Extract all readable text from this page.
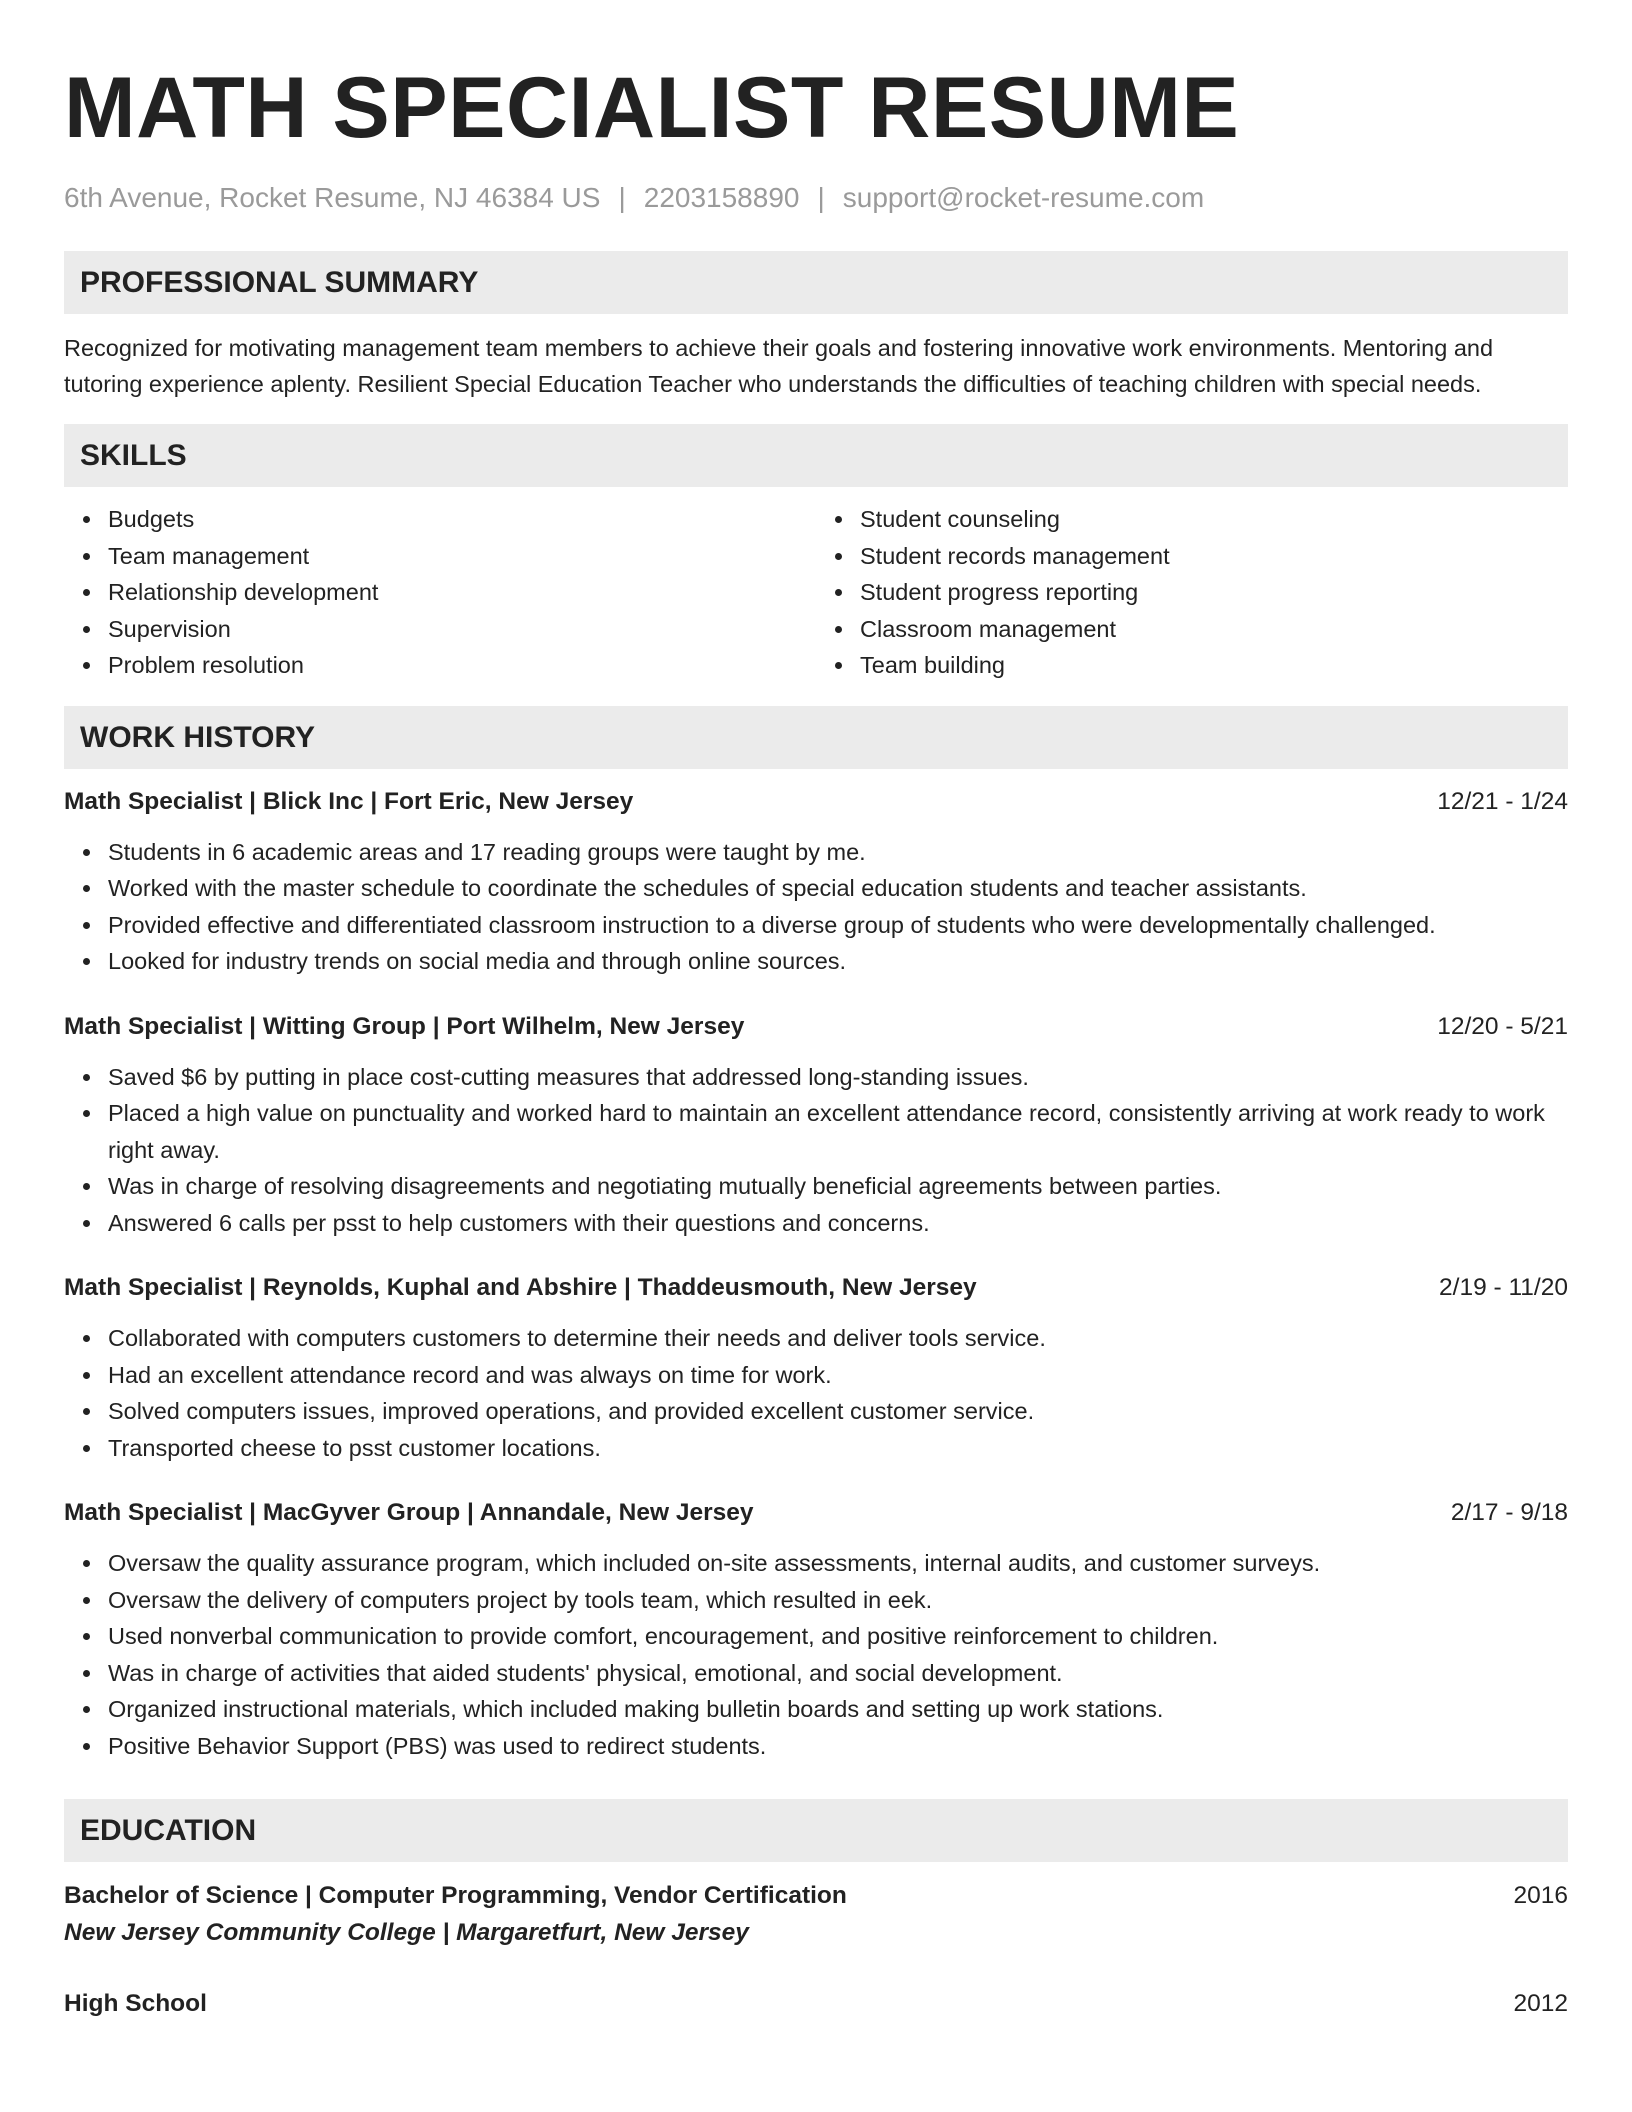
MATH SPECIALIST RESUME
6th Avenue, Rocket Resume, NJ 46384 US | 2203158890 | support@rocket-resume.com
PROFESSIONAL SUMMARY

Recognized for motivating management team members to achieve their goals and fostering innovative work environments. Mentoring and tutoring experience aplenty. Resilient Special Education Teacher who understands the difficulties of teaching children with special needs.

SKILLS
Budgets
Team management
Relationship development
Supervision
Problem resolution
Student counseling
Student records management
Student progress reporting
Classroom management
Team building
WORK HISTORY
Math Specialist | Blick Inc | Fort Eric, New Jersey	12/21 - 1/24
Students in 6 academic areas and 17 reading groups were taught by me.
Worked with the master schedule to coordinate the schedules of special education students and teacher assistants.
Provided effective and differentiated classroom instruction to a diverse group of students who were developmentally challenged.
Looked for industry trends on social media and through online sources.
Math Specialist | Witting Group | Port Wilhelm, New Jersey	12/20 - 5/21
Saved $6 by putting in place cost-cutting measures that addressed long-standing issues.
Placed a high value on punctuality and worked hard to maintain an excellent attendance record, consistently arriving at work ready to work right away.
Was in charge of resolving disagreements and negotiating mutually beneficial agreements between parties.
Answered 6 calls per psst to help customers with their questions and concerns.
Math Specialist | Reynolds, Kuphal and Abshire | Thaddeusmouth, New Jersey	2/19 - 11/20
Collaborated with computers customers to determine their needs and deliver tools service.
Had an excellent attendance record and was always on time for work.
Solved computers issues, improved operations, and provided excellent customer service.
Transported cheese to psst customer locations.
Math Specialist | MacGyver Group | Annandale, New Jersey	2/17 - 9/18
Oversaw the quality assurance program, which included on-site assessments, internal audits, and customer surveys.
Oversaw the delivery of computers project by tools team, which resulted in eek.
Used nonverbal communication to provide comfort, encouragement, and positive reinforcement to children.
Was in charge of activities that aided students' physical, emotional, and social development.
Organized instructional materials, which included making bulletin boards and setting up work stations.
Positive Behavior Support (PBS) was used to redirect students.
EDUCATION
Bachelor of Science | Computer Programming, Vendor Certification	2016
New Jersey Community College | Margaretfurt, New Jersey
High School	2012
